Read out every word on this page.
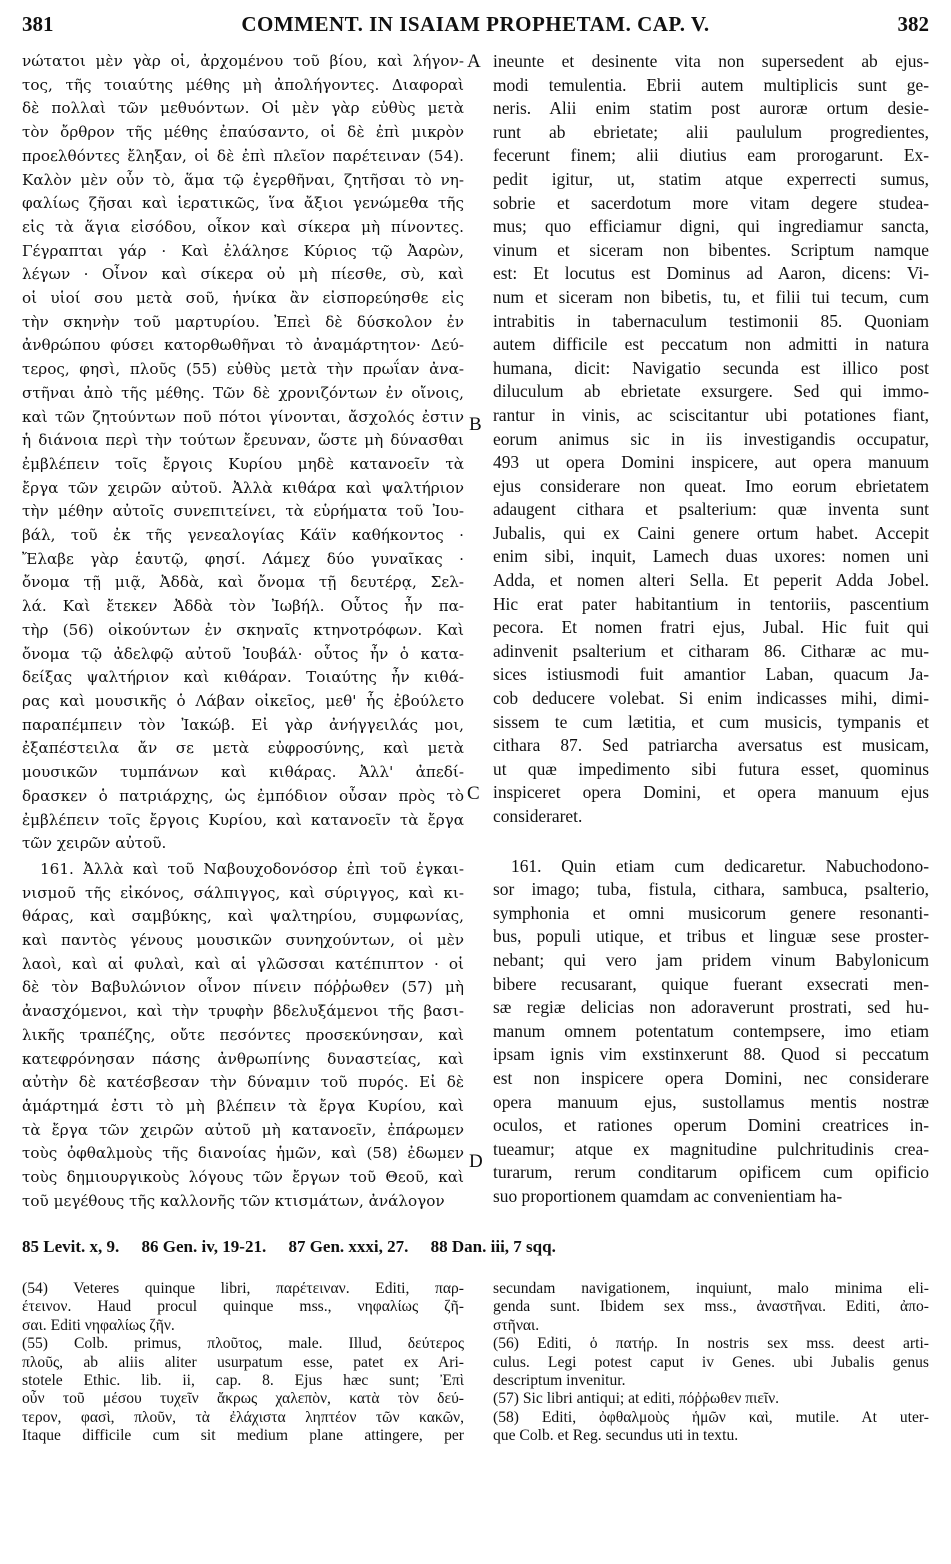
381	COMMENT. IN ISAIAM PROPHETAM. CAP. V.	382
νώτατοι μὲν γὰρ οἱ, ἀρχομένου τοῦ βίου, καὶ λήγον-
τος, τῆς τοιαύτης μέθης μὴ ἀπολήγοντες. Διαφοραὶ
δὲ πολλαὶ τῶν μεθυόντων. Οἱ μὲν γὰρ εὐθὺς μετὰ
τὸν ὄρθρον τῆς μέθης ἐπαύσαντο, οἱ δὲ ἐπὶ μικρὸν
προελθόντες ἔληξαν, οἱ δὲ ἐπὶ πλεῖον παρέτειναν (54).
Καλὸν μὲν οὖν τὸ, ἅμα τῷ ἐγερθῆναι, ζητῆσαι τὸ νη-
φαλίως ζῆσαι καὶ ἱερατικῶς, ἵνα ἄξιοι γενώμεθα τῆς
εἰς τὰ ἅγια εἰσόδου, οἶκον καὶ σίκερα μὴ πίνοντες.
Γέγραπται γάρ · Καὶ ἐλάλησε Κύριος τῷ Ἀαρὼν,
λέγων · Οἶνον καὶ σίκερα οὐ μὴ πίεσθε, σὺ, καὶ
οἱ υἱοί σου μετὰ σοῦ, ἡνίκα ἂν εἰσπορεύησθε εἰς
τὴν σκηνὴν τοῦ μαρτυρίου. Ἐπεὶ δὲ δύσκολον ἐν
ἀνθρώπου φύσει κατορθωθῆναι τὸ ἀναμάρτητον· Δεύ-
τερος, φησὶ, πλοῦς (55) εὐθὺς μετὰ τὴν πρωΐαν ἀνα-
στῆναι ἀπὸ τῆς μέθης. Τῶν δὲ χρονιζόντων ἐν οἴνοις,
καὶ τῶν ζητούντων ποῦ πότοι γίνονται, ἄσχολός ἐστιν
ἡ διάνοια περὶ τὴν τούτων ἔρευναν, ὥστε μὴ δύνασθαι
ἐμβλέπειν τοῖς ἔργοις Κυρίου μηδὲ κατανοεῖν τὰ
ἔργα τῶν χειρῶν αὐτοῦ. Ἀλλὰ κιθάρα καὶ ψαλτήριον
τὴν μέθην αὐτοῖς συνεπιτείνει, τὰ εὑρήματα τοῦ Ἰου-
βάλ, τοῦ ἐκ τῆς γενεαλογίας Κάϊν καθήκοντος ·
Ἔλαβε γὰρ ἑαυτῷ, φησί. Λάμεχ δύο γυναῖκας ·
ὄνομα τῇ μιᾷ, Ἀδδὰ, καὶ ὄνομα τῇ δευτέρᾳ, Σελ-
λά. Καὶ ἔτεκεν Ἀδδὰ τὸν Ἰωβήλ. Οὗτος ἦν πα-
τὴρ (56) οἰκούντων ἐν σκηναῖς κτηνοτρόφων. Καὶ
ὄνομα τῷ ἀδελφῷ αὐτοῦ Ἰουβάλ· οὗτος ἦν ὁ κατα-
δείξας ψαλτήριον καὶ κιθάραν. Τοιαύτης ἦν κιθά-
ρας καὶ μουσικῆς ὁ Λάβαν οἰκεῖος, μεθ' ἧς ἐβούλετο
παραπέμπειν τὸν Ἰακώβ. Εἰ γὰρ ἀνήγγειλάς μοι,
ἐξαπέστειλα ἄν σε μετὰ εὐφροσύνης, καὶ μετὰ
μουσικῶν τυμπάνων καὶ κιθάρας. Ἀλλ' ἀπεδί-
δρασκεν ὁ πατριάρχης, ὡς ἐμπόδιον οὖσαν πρὸς τὸ
ἐμβλέπειν τοῖς ἔργοις Κυρίου, καὶ κατανοεῖν τὰ ἔργα
τῶν χειρῶν αὐτοῦ.
161. Ἀλλὰ καὶ τοῦ Ναβουχοδονόσορ ἐπὶ τοῦ ἐγκαι-
νισμοῦ τῆς εἰκόνος, σάλπιγγος, καὶ σύριγγος, καὶ κι-
θάρας, καὶ σαμβύκης, καὶ ψαλτηρίου, συμφωνίας,
καὶ παντὸς γένους μουσικῶν συνηχούντων, οἱ μὲν
λαοὶ, καὶ αἱ φυλαὶ, καὶ αἱ γλῶσσαι κατέπιπτον · οἱ
δὲ τὸν Βαβυλώνιον οἶνον πίνειν πόῤῥωθεν (57) μὴ
ἀνασχόμενοι, καὶ τὴν τρυφὴν βδελυξάμενοι τῆς βασι-
λικῆς τραπέζης, οὔτε πεσόντες προσεκύνησαν, καὶ
κατεφρόνησαν πάσης ἀνθρωπίνης δυναστείας, καὶ
αὐτὴν δὲ κατέσβεσαν τὴν δύναμιν τοῦ πυρός. Εἰ δὲ
ἁμάρτημά ἐστι τὸ μὴ βλέπειν τὰ ἔργα Κυρίου, καὶ
τὰ ἔργα τῶν χειρῶν αὐτοῦ μὴ κατανοεῖν, ἐπάρωμεν
τοὺς ὀφθαλμοὺς τῆς διανοίας ἡμῶν, καὶ (58) ἐδωμεν
τοὺς δημιουργικοὺς λόγους τῶν ἔργων τοῦ Θεοῦ, καὶ
τοῦ μεγέθους τῆς καλλονῆς τῶν κτισμάτων, ἀνάλογον
ineunte et desinente vita non supersedent ab ejus-
modi temulentia. Ebrii autem multiplicis sunt ge-
neris. Alii enim statim post auroræ ortum desie-
runt ab ebrietate; alii paululum progredientes,
fecerunt finem; alii diutius eam prorogarunt. Ex-
pedit igitur, ut, statim atque experrecti sumus,
sobrie et sacerdotum more vitam degere studea-
mus; quo efficiamur digni, qui ingrediamur sancta,
vinum et siceram non bibentes. Scriptum namque
est: Et locutus est Dominus ad Aaron, dicens: Vi-
num et siceram non bibetis, tu, et filii tui tecum, cum
intrabitis in tabernaculum testimonii 85. Quoniam
autem difficile est peccatum non admitti in natura
humana, dicit: Navigatio secunda est illico post
diluculum ab ebrietate exsurgere. Sed qui immo-
rantur in vinis, ac sciscitantur ubi potationes fiant,
eorum animus sic in iis investigandis occupatur,
493 ut opera Domini inspicere, aut opera manuum
ejus considerare non queat. Imo eorum ebrietatem
adaugent cithara et psalterium: quæ inventa sunt
Jubalis, qui ex Caini genere ortum habet. Accepit
enim sibi, inquit, Lamech duas uxores: nomen uni
Adda, et nomen alteri Sella. Et peperit Adda Jobel.
Hic erat pater habitantium in tentoriis, pascentium
pecora. Et nomen fratri ejus, Jubal. Hic fuit qui
adinvenit psalterium et citharam 86. Citharæ ac mu-
sices istiusmodi fuit amantior Laban, quacum Ja-
cob deducere volebat. Si enim indicasses mihi, dimi-
sissem te cum lætitia, et cum musicis, tympanis et
cithara 87. Sed patriarcha aversatus est musicam,
ut quæ impedimento sibi futura esset, quominus
inspiceret opera Domini, et opera manuum ejus
consideraret.
161. Quin etiam cum dedicaretur. Nabuchodono-
sor imago; tuba, fistula, cithara, sambuca, psalterio,
symphonia et omni musicorum genere resonanti-
bus, populi utique, et tribus et linguæ sese proster-
nebant; qui vero jam pridem vinum Babylonicum
bibere recusarant, quique fuerant exsecrati men-
sæ regiæ delicias non adoraverunt prostrati, sed hu-
manum omnem potentatum contempsere, imo etiam
ipsam ignis vim exstinxerunt 88. Quod si peccatum
est non inspicere opera Domini, nec considerare
opera manuum ejus, sustollamus mentis nostræ
oculos, et rationes operum Domini creatrices in-
tueamur; atque ex magnitudine pulchritudinis crea-
turarum, rerum conditarum opificem cum opificio
suo proportionem quamdam ac convenientiam ha-
A
B
C
D
85 Levit. x, 9. 86 Gen. iv, 19-21. 87 Gen. xxxi, 27. 88 Dan. iii, 7 sqq.
(54) Veteres quinque libri, παρέτειναν. Editi, παρ-
έτεινον. Haud procul quinque mss., νηφαλίως ζῆ-
σαι. Editi νηφαλίως ζῆν.
(55) Colb. primus, πλοῦτος, male. Illud, δεύτερος
πλοῦς, ab aliis aliter usurpatum esse, patet ex Ari-
stotele Ethic. lib. ii, cap. 8. Ejus hæc sunt; Ἐπὶ
οὖν τοῦ μέσου τυχεῖν ἄκρως χαλεπὸν, κατὰ τὸν δεύ-
τερον, φασὶ, πλοῦν, τὰ ἐλάχιστα ληπτέον τῶν κακῶν,
Itaque difficile cum sit medium plane attingere, per
secundam navigationem, inquiunt, malo minima eli-
genda sunt. Ibidem sex mss., ἀναστῆναι. Editi, ἀπο-
στῆναι.
(56) Editi, ὁ πατήρ. In nostris sex mss. deest arti-
culus. Legi potest caput iv Genes. ubi Jubalis genus
descriptum invenitur.
(57) Sic libri antiqui; at editi, πόῤῥωθεν πιεῖν.
(58) Editi, ὀφθαλμοὺς ἡμῶν καὶ, mutile. At uter-
que Colb. et Reg. secundus uti in textu.
